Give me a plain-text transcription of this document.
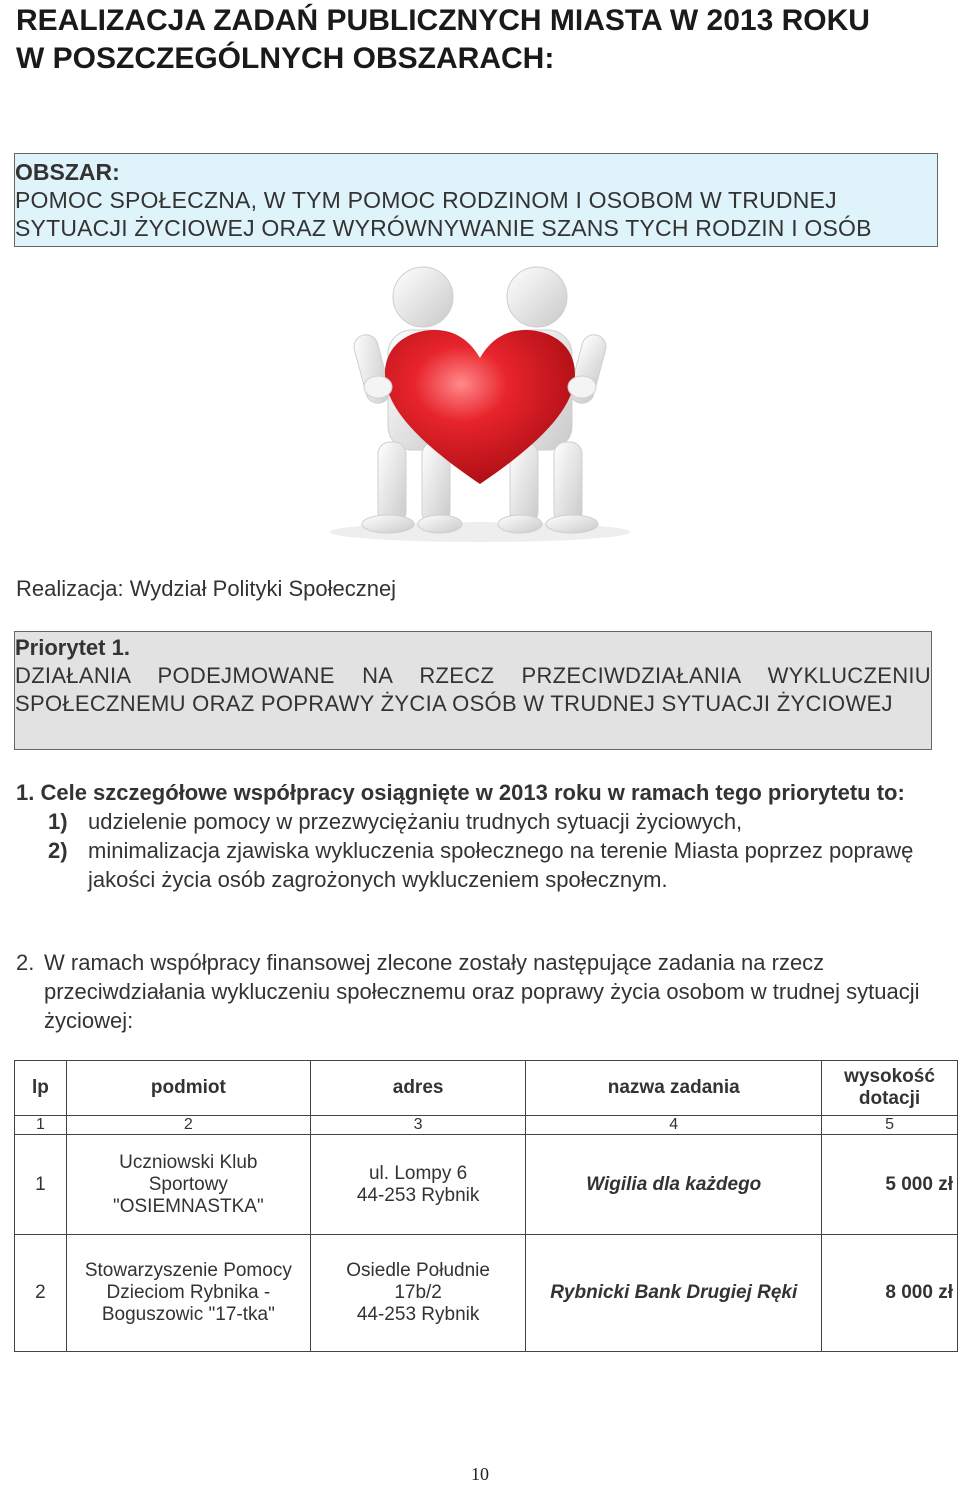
REALIZACJA ZADAŃ PUBLICZNYCH MIASTA W 2013 ROKU
W POSZCZEGÓLNYCH OBSZARACH:
OBSZAR:
POMOC SPOŁECZNA, W TYM POMOC RODZINOM I OSOBOM W TRUDNEJ SYTUACJI ŻYCIOWEJ ORAZ WYRÓWNYWANIE SZANS TYCH RODZIN I OSÓB
Realizacja: Wydział Polityki Społecznej
Priorytet 1.
DZIAŁANIA PODEJMOWANE NA RZECZ PRZECIWDZIAŁANIA WYKLUCZENIU SPOŁECZNEMU ORAZ POPRAWY ŻYCIA OSÓB W TRUDNEJ SYTUACJI ŻYCIOWEJ
1. Cele szczegółowe współpracy osiągnięte w 2013 roku w ramach tego priorytetu to:
1) udzielenie pomocy w przezwyciężaniu trudnych sytuacji życiowych,
2) minimalizacja zjawiska wykluczenia społecznego na terenie Miasta poprzez poprawę jakości życia osób zagrożonych wykluczeniem społecznym.
2. W ramach współpracy finansowej zlecone zostały następujące zadania na rzecz przeciwdziałania wykluczeniu społecznemu oraz poprawy życia osobom w trudnej sytuacji życiowej:
lp	podmiot	adres	nazwa zadania	wysokość dotacji
1	2	3	4	5
1	Uczniowski Klub
Sportowy
"OSIEMNASTKA"	ul. Lompy 6
44-253 Rybnik	Wigilia dla każdego	5 000 zł
2	Stowarzyszenie Pomocy
Dzieciom Rybnika -
Boguszowic "17-tka"	Osiedle Południe
17b/2
44-253 Rybnik	Rybnicki Bank Drugiej Ręki	8 000 zł
10
